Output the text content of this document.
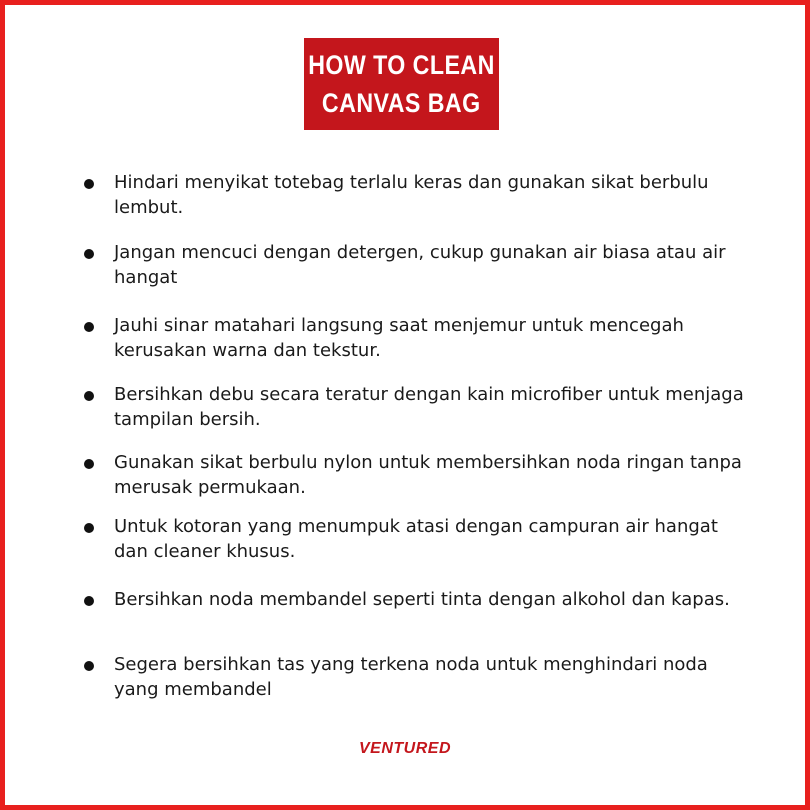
HOW TO CLEAN
CANVAS BAG
Hindari menyikat totebag terlalu keras dan gunakan sikat berbulu lembut.
Jangan mencuci dengan detergen, cukup gunakan air biasa atau air hangat
Jauhi sinar matahari langsung saat menjemur untuk mencegah kerusakan warna dan tekstur.
Bersihkan debu secara teratur dengan kain microfiber untuk menjaga tampilan bersih.
Gunakan sikat berbulu nylon untuk membersihkan noda ringan tanpa merusak permukaan.
Untuk kotoran yang menumpuk atasi dengan campuran air hangat dan cleaner khusus.
Bersihkan noda membandel seperti tinta dengan alkohol dan kapas.
Segera bersihkan tas yang terkena noda untuk menghindari noda yang membandel
VENTURED
